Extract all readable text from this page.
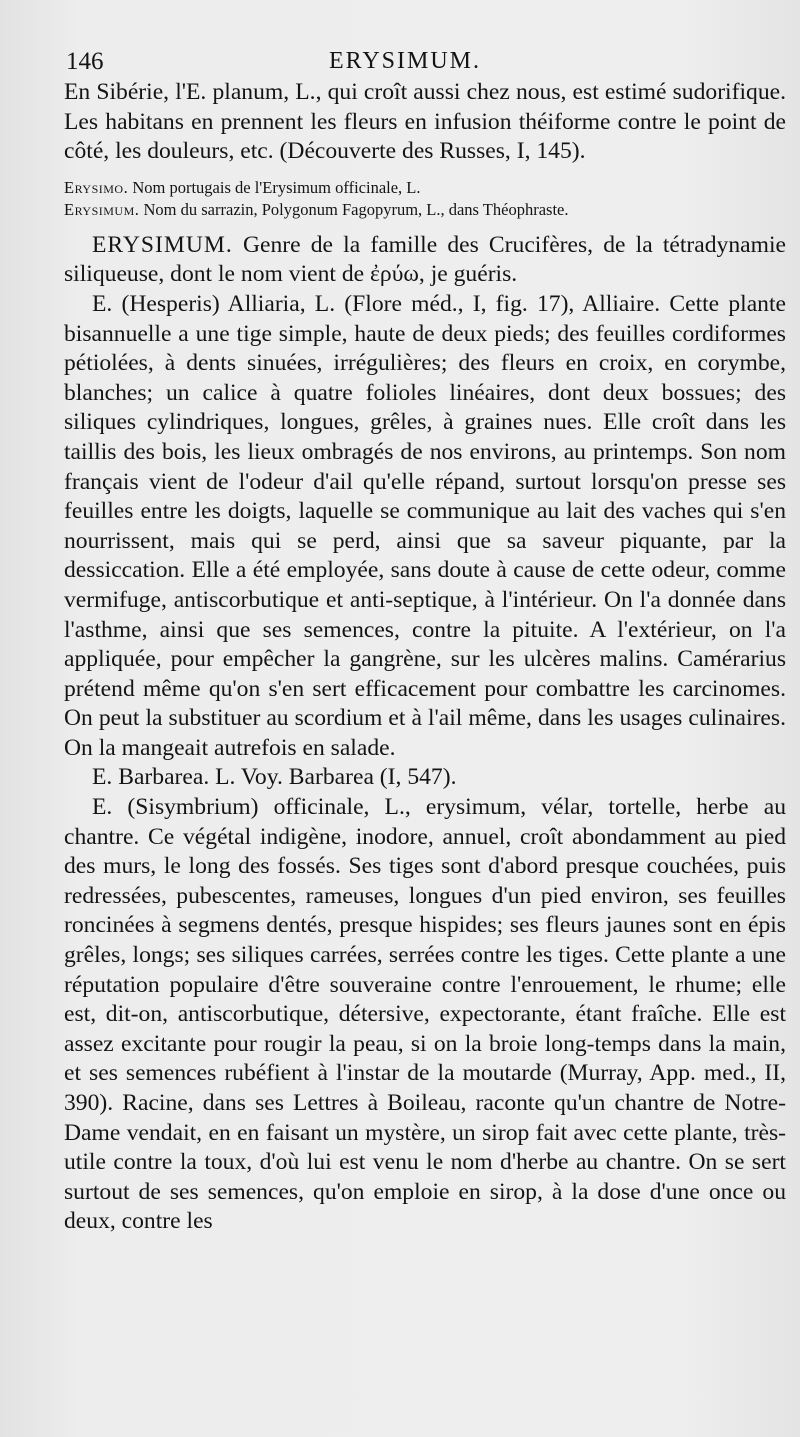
146	ERYSIMUM.

En Sibérie, l'E. planum, L., qui croît aussi chez nous, est estimé sudorifique. Les habitans en prennent les fleurs en infusion théiforme contre le point de côté, les douleurs, etc. (Découverte des Russes, I, 145).

Erysimo. Nom portugais de l'Erysimum officinale, L.

Erysimum. Nom du sarrazin, Polygonum Fagopyrum, L., dans Théophraste.

ERYSIMUM. Genre de la famille des Crucifères, de la tétradynamie siliqueuse, dont le nom vient de ἐρύω, je guéris.

E. (Hesperis) Alliaria, L. (Flore méd., I, fig. 17), Alliaire. Cette plante bisannuelle a une tige simple, haute de deux pieds; des feuilles cordiformes pétiolées, à dents sinuées, irrégulières; des fleurs en croix, en corymbe, blanches; un calice à quatre folioles linéaires, dont deux bossues; des siliques cylindriques, longues, grêles, à graines nues. Elle croît dans les taillis des bois, les lieux ombragés de nos environs, au printemps. Son nom français vient de l'odeur d'ail qu'elle répand, surtout lorsqu'on presse ses feuilles entre les doigts, laquelle se communique au lait des vaches qui s'en nourrissent, mais qui se perd, ainsi que sa saveur piquante, par la dessiccation. Elle a été employée, sans doute à cause de cette odeur, comme vermifuge, antiscorbutique et anti-septique, à l'intérieur. On l'a donnée dans l'asthme, ainsi que ses semences, contre la pituite. A l'extérieur, on l'a appliquée, pour empêcher la gangrène, sur les ulcères malins. Camérarius prétend même qu'on s'en sert efficacement pour combattre les carcinomes. On peut la substituer au scordium et à l'ail même, dans les usages culinaires. On la mangeait autrefois en salade.

E. Barbarea. L. Voy. Barbarea (I, 547).

E. (Sisymbrium) officinale, L., erysimum, vélar, tortelle, herbe au chantre. Ce végétal indigène, inodore, annuel, croît abondamment au pied des murs, le long des fossés. Ses tiges sont d'abord presque couchées, puis redressées, pubescentes, rameuses, longues d'un pied environ, ses feuilles roncinées à segmens dentés, presque hispides; ses fleurs jaunes sont en épis grêles, longs; ses siliques carrées, serrées contre les tiges. Cette plante a une réputation populaire d'être souveraine contre l'enrouement, le rhume; elle est, dit-on, antiscorbutique, détersive, expectorante, étant fraîche. Elle est assez excitante pour rougir la peau, si on la broie long-temps dans la main, et ses semences rubéfient à l'instar de la moutarde (Murray, App. med., II, 390). Racine, dans ses Lettres à Boileau, raconte qu'un chantre de Notre-Dame vendait, en en faisant un mystère, un sirop fait avec cette plante, très-utile contre la toux, d'où lui est venu le nom d'herbe au chantre. On se sert surtout de ses semences, qu'on emploie en sirop, à la dose d'une once ou deux, contre les
